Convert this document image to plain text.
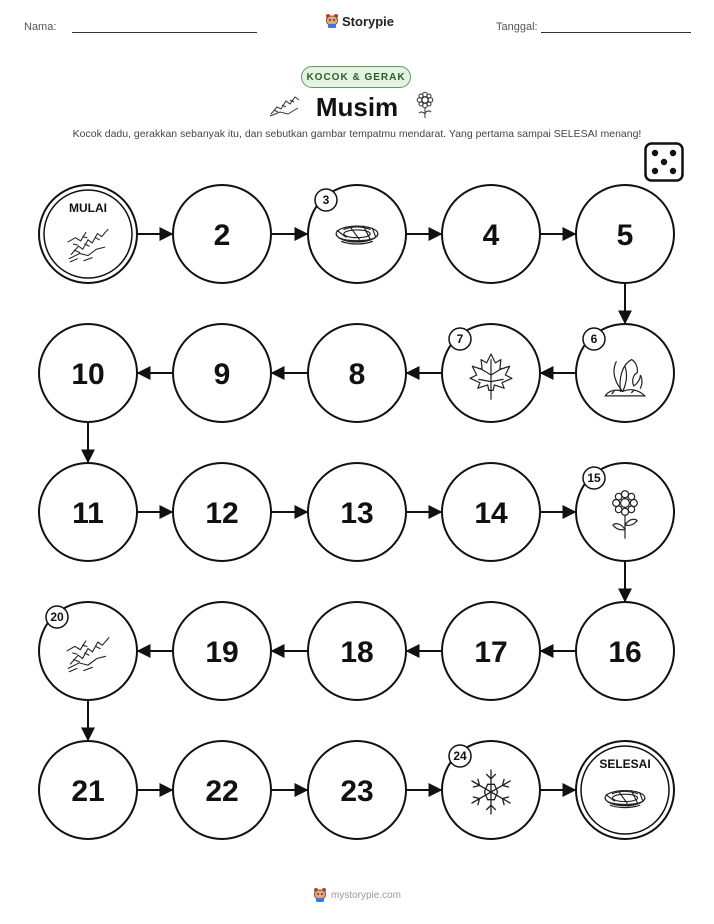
Nama:	Storypie	Tanggal:
KOCOK & GERAK
Musim
Kocok dadu, gerakkan sebanyak itu, dan sebutkan gambar tempatmu mendarat. Yang pertama sampai SELESAI menang!
MULAI
2
3
4	5
6
7
8
9
10
11	12	13	14
15
16
17
18
19
20
21	22	23
24
SELESAI
mystorypie.com
